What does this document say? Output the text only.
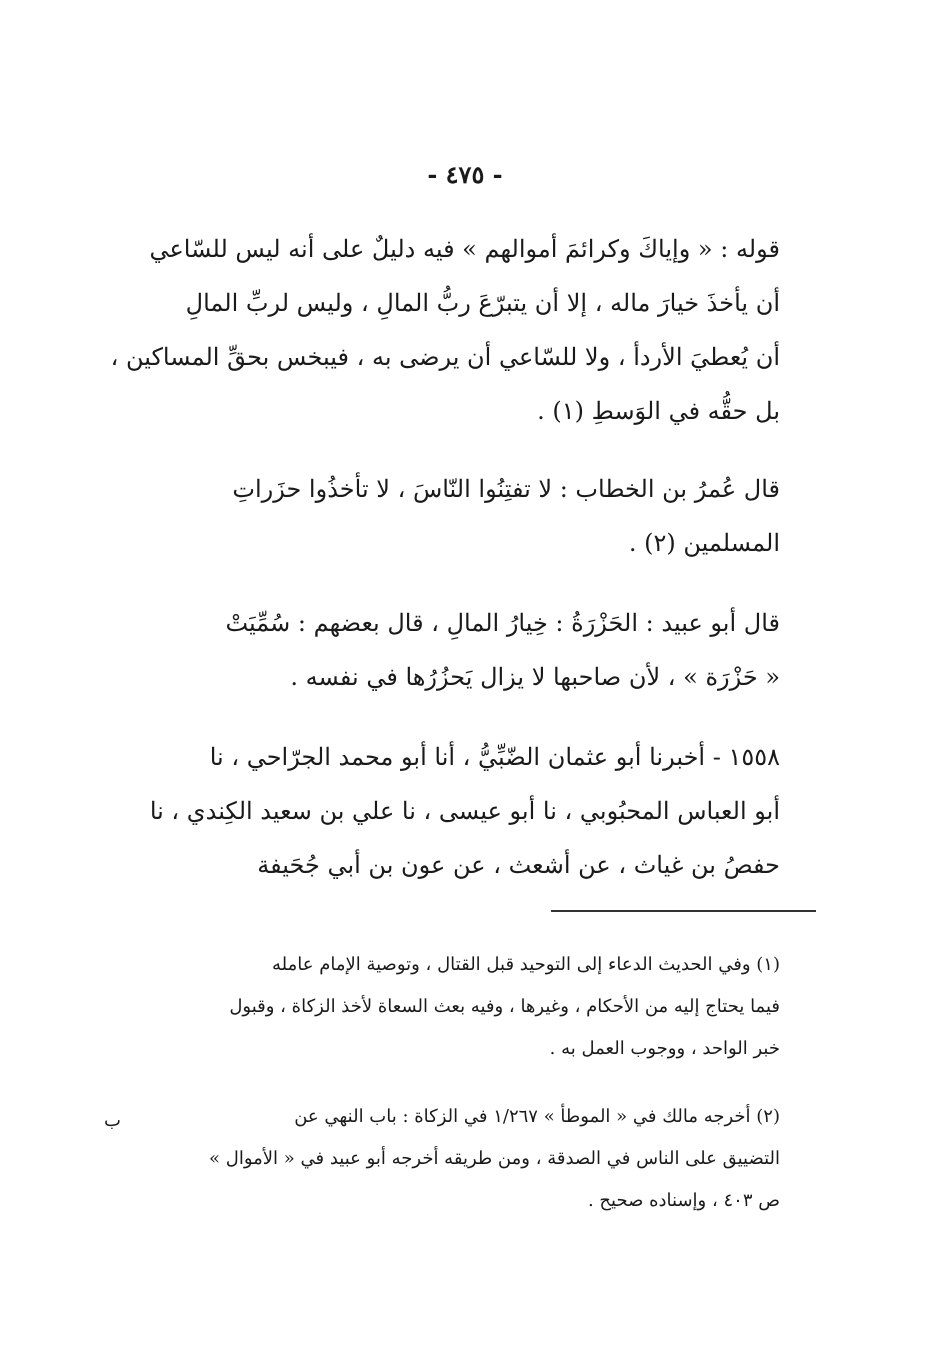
- ٤٧٥ -
قوله : « وإياكَ وكرائمَ أموالهم » فيه دليلٌ على أنه ليس للسّاعي
أن يأخذَ خيارَ ماله ، إلا أن يتبرّعَ ربُّ المالِ ، وليس لربِّ المالِ
أن يُعطيَ الأردأ ، ولا للسّاعي أن يرضى به ، فيبخس بحقِّ المساكين ،
بل حقُّه في الوَسطِ (١) .
قال عُمرُ بن الخطاب : لا تفتِنُوا النّاسَ ، لا تأخذُوا حزَراتِ
المسلمين (٢) .
قال أبو عبيد : الحَزْرَةُ : خِيارُ المالِ ، قال بعضهم : سُمِّيَتْ
« حَزْرَة » ، لأن صاحبها لا يزال يَحزُرُها في نفسه .
١٥٥٨ - أخبرنا أبو عثمان الضّبِّيُّ ، أنا أبو محمد الجرّاحي ، نا
أبو العباس المحبُوبي ، نا أبو عيسى ، نا علي بن سعيد الكِندي ، نا
حفصُ بن غياث ، عن أشعث ، عن عون بن أبي جُحَيفة
(١) وفي الحديث الدعاء إلى التوحيد قبل القتال ، وتوصية الإمام عامله
فيما يحتاج إليه من الأحكام ، وغيرها ، وفيه بعث السعاة لأخذ الزكاة ، وقبول
خبر الواحد ، ووجوب العمل به .
(٢) أخرجه مالك في « الموطأ » ١/٢٦٧ في الزكاة : باب النهي عن
التضييق على الناس في الصدقة ، ومن طريقه أخرجه أبو عبيد في « الأموال »
ص ٤٠٣ ، وإسناده صحيح .
ب
